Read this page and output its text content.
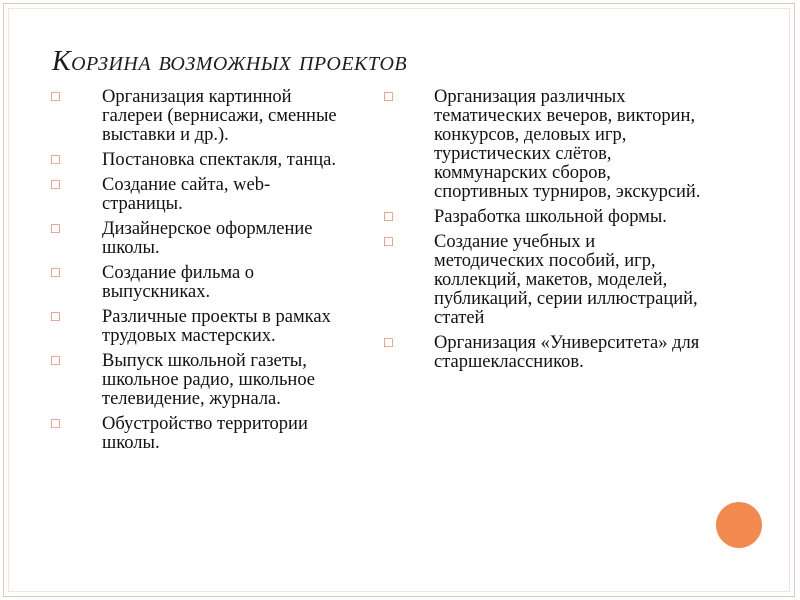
Корзина возможных проектов
☐ Организация картинной галереи (вернисажи, сменные выставки и др.).
☐ Постановка спектакля, танца.
☐ Создание сайта, web-страницы.
☐ Дизайнерское оформление школы.
☐ Создание фильма о выпускниках.
☐ Различные проекты в рамках трудовых мастерских.
☐ Выпуск школьной газеты, школьное радио, школьное телевидение, журнала.
☐ Обустройство территории школы.
☐ Организация различных тематических вечеров, викторин, конкурсов, деловых игр, туристических слётов, коммунарских сборов, спортивных турниров, экскурсий.
☐ Разработка школьной формы.
☐ Создание учебных и методических пособий, игр, коллекций, макетов, моделей, публикаций, серии иллюстраций, статей
☐ Организация «Университета» для старшеклассников.
